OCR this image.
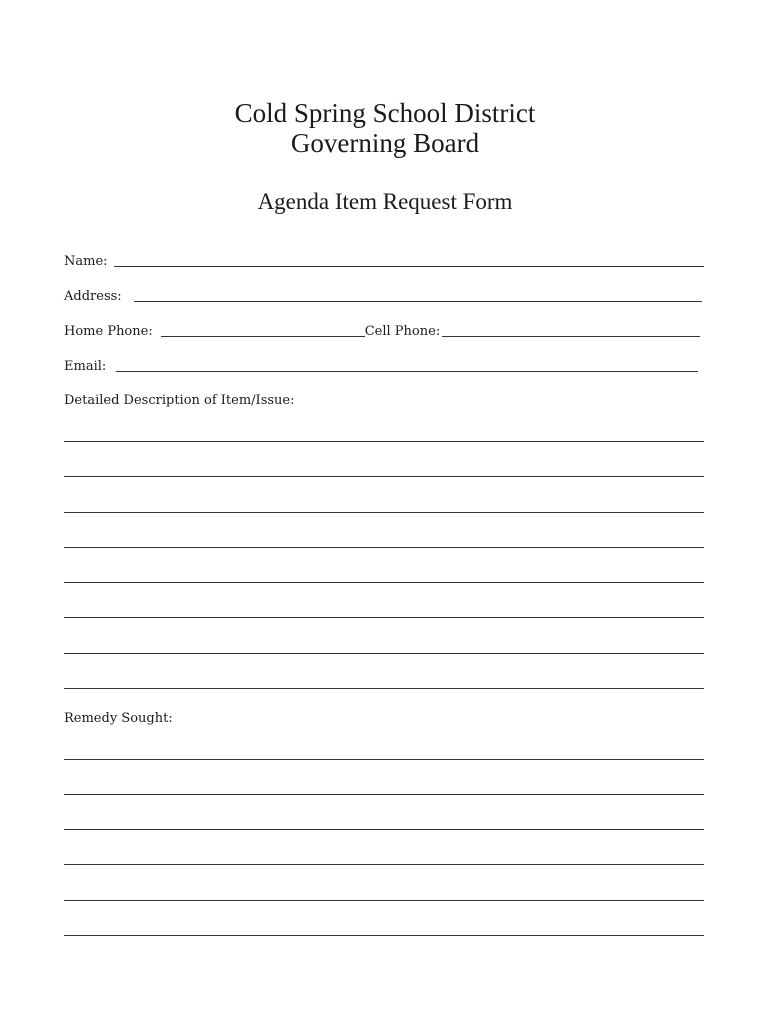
Cold Spring School District
Governing Board
Agenda Item Request Form
Name:
Address:
Home Phone:	Cell Phone:
Email:
Detailed Description of Item/Issue:
Remedy Sought:
